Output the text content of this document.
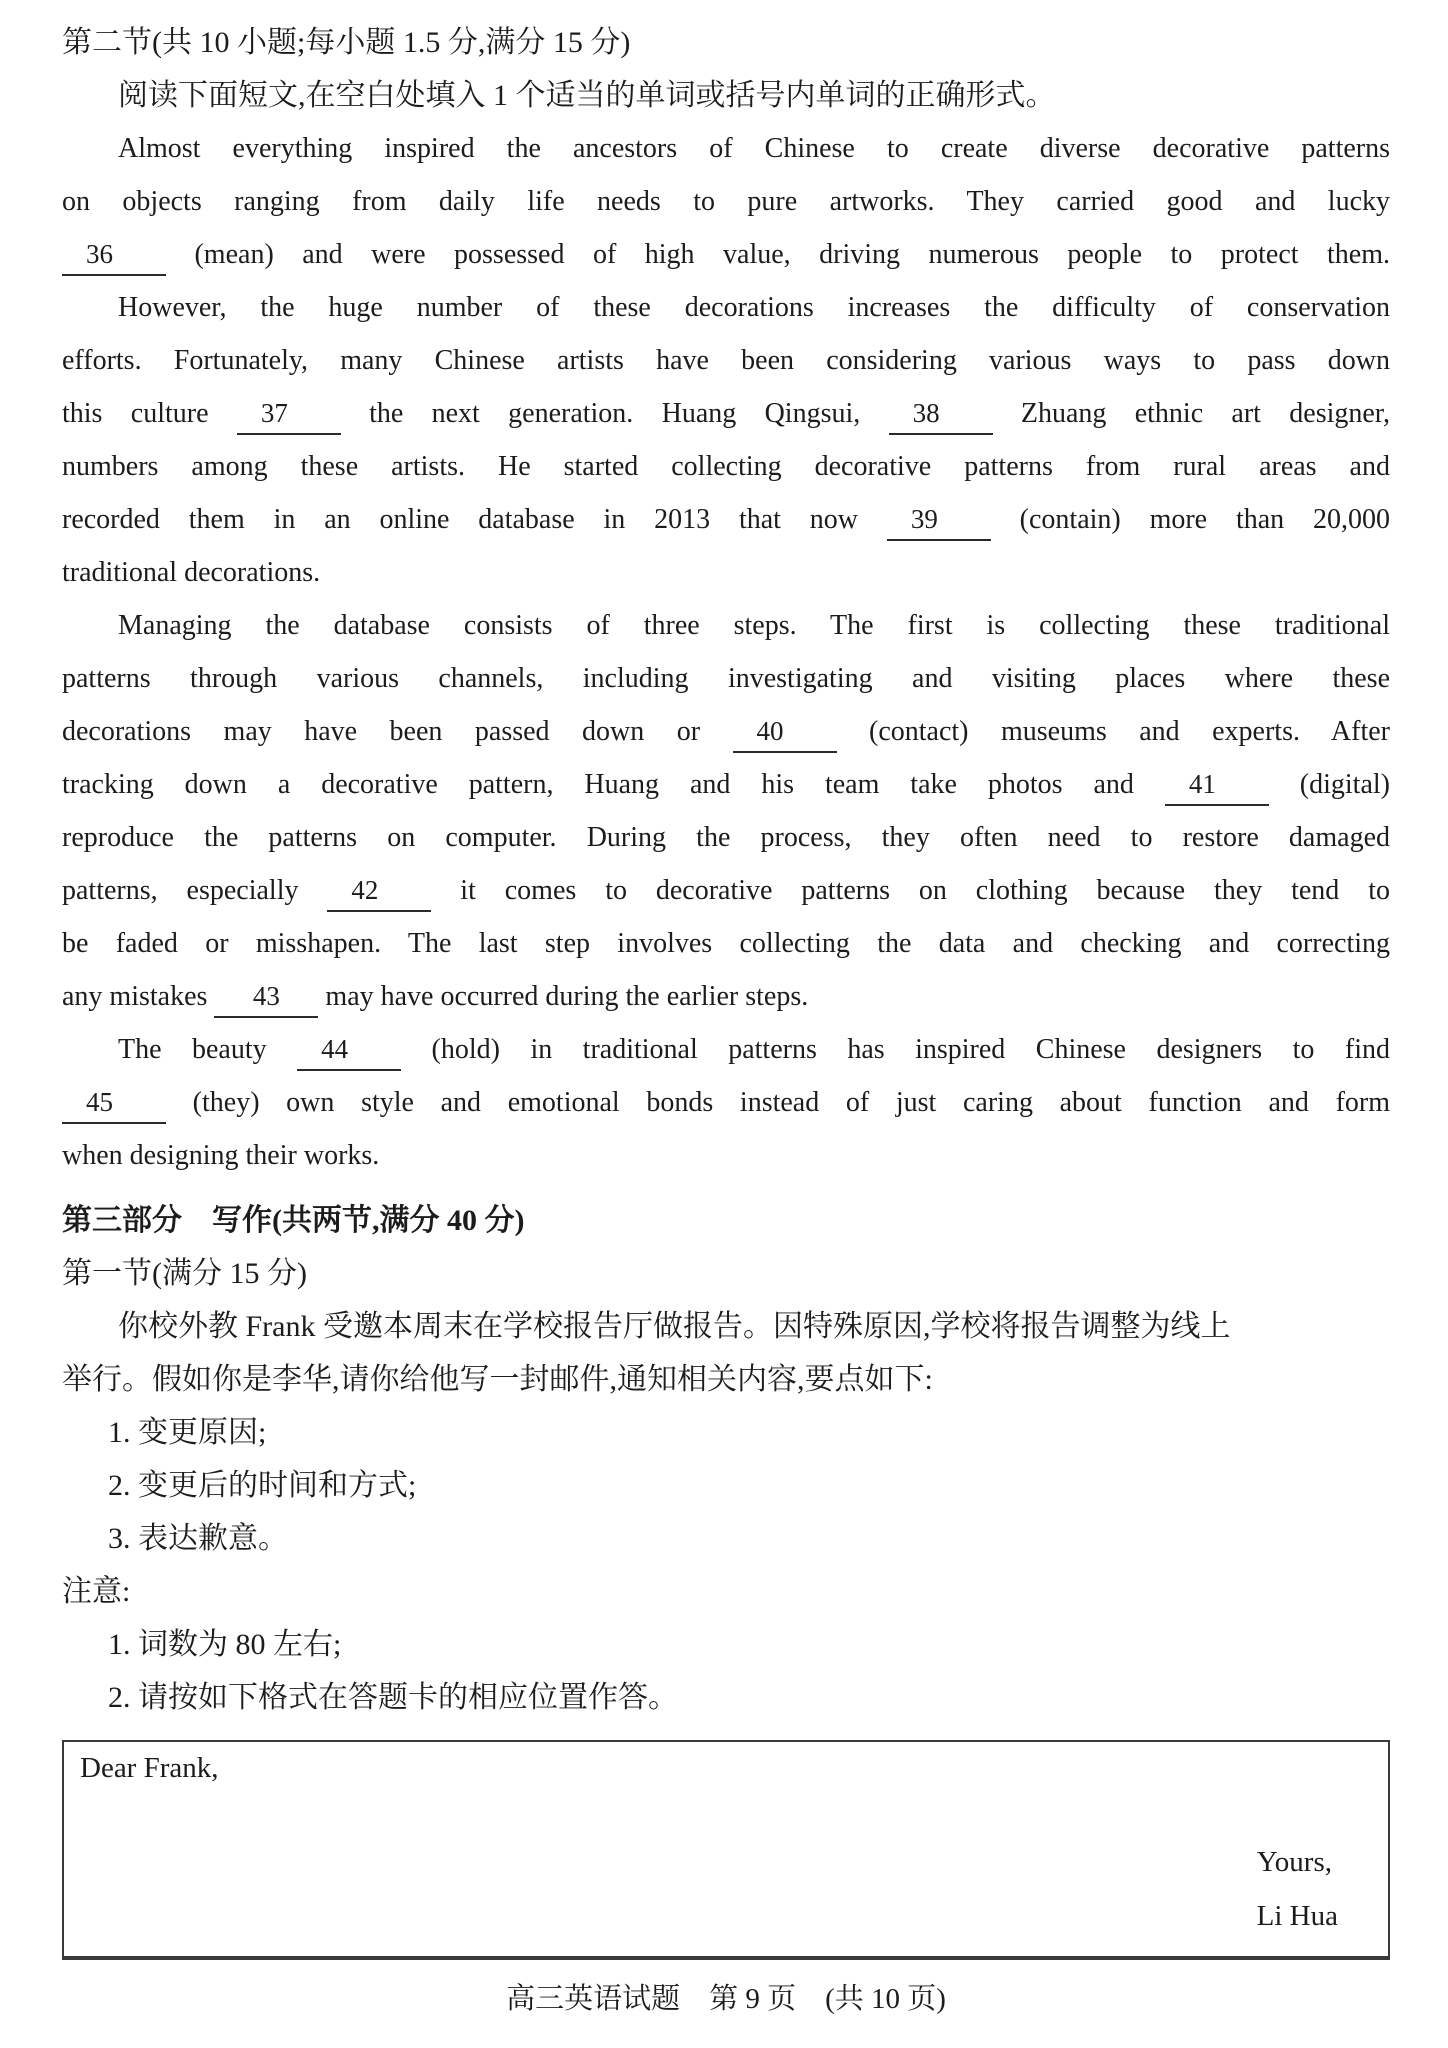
第二节(共 10 小题;每小题 1.5 分,满分 15 分)
阅读下面短文,在空白处填入 1 个适当的单词或括号内单词的正确形式。
Almost everything inspired the ancestors of Chinese to create diverse decorative patterns
on objects ranging from daily life needs to pure artworks. They carried good and lucky
36 (mean) and were possessed of high value, driving numerous people to protect them.
However, the huge number of these decorations increases the difficulty of conservation
efforts. Fortunately, many Chinese artists have been considering various ways to pass down
this culture 37 the next generation. Huang Qingsui, 38 Zhuang ethnic art designer,
numbers among these artists. He started collecting decorative patterns from rural areas and
recorded them in an online database in 2013 that now 39 (contain) more than 20,000
traditional decorations.
Managing the database consists of three steps. The first is collecting these traditional
patterns through various channels, including investigating and visiting places where these
decorations may have been passed down or 40 (contact) museums and experts. After
tracking down a decorative pattern, Huang and his team take photos and 41 (digital)
reproduce the patterns on computer. During the process, they often need to restore damaged
patterns, especially 42 it comes to decorative patterns on clothing because they tend to
be faded or misshapen. The last step involves collecting the data and checking and correcting
any mistakes 43 may have occurred during the earlier steps.
The beauty 44 (hold) in traditional patterns has inspired Chinese designers to find
45 (they) own style and emotional bonds instead of just caring about function and form
when designing their works.
第三部分　写作(共两节,满分 40 分)
第一节(满分 15 分)
你校外教 Frank 受邀本周末在学校报告厅做报告。因特殊原因,学校将报告调整为线上
举行。假如你是李华,请你给他写一封邮件,通知相关内容,要点如下:
1. 变更原因;
2. 变更后的时间和方式;
3. 表达歉意。
注意:
1. 词数为 80 左右;
2. 请按如下格式在答题卡的相应位置作答。
Dear Frank,
Yours,
Li Hua
高三英语试题　第 9 页　(共 10 页)
